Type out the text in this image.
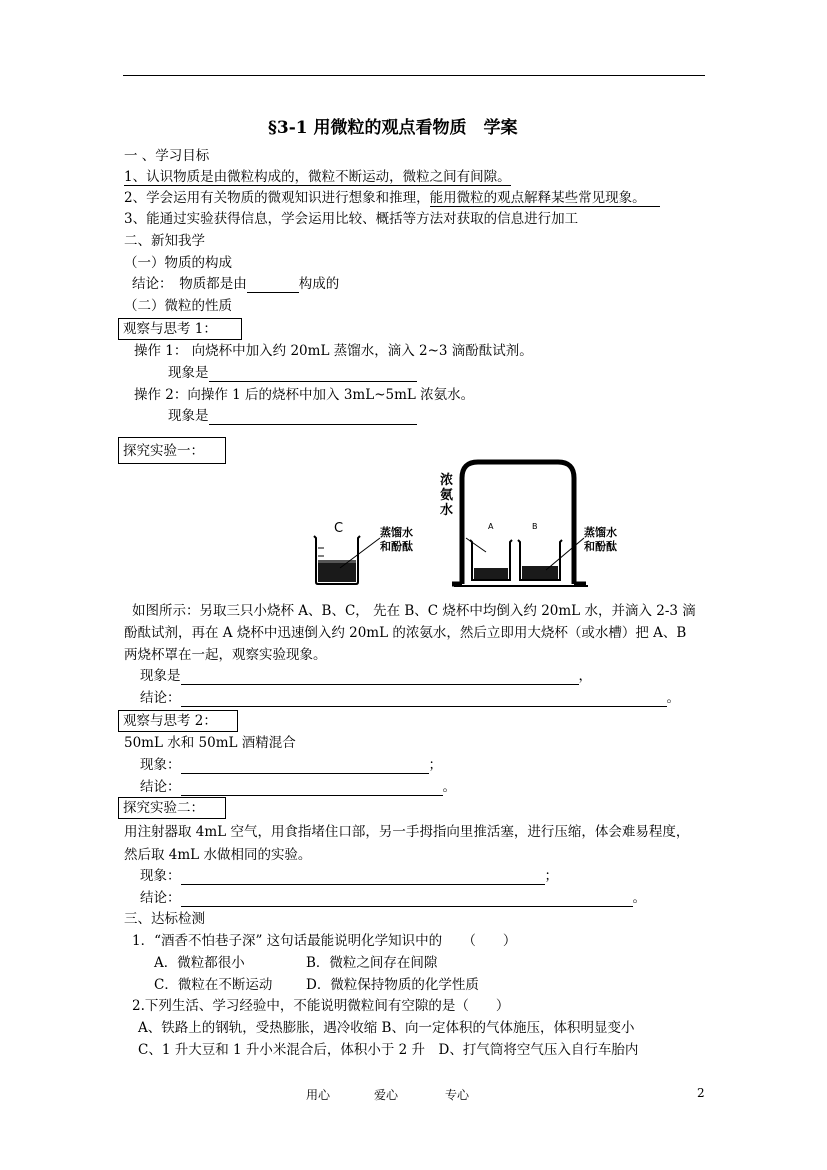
§3-1 用微粒的观点看物质　学案
一 、学习目标
1、认识物质是由微粒构成的，微粒不断运动，微粒之间有间隙。
2、学会运用有关物质的微观知识进行想象和推理，能用微粒的观点解释某些常见现象。
3、能通过实验获得信息，学会运用比较、概括等方法对获取的信息进行加工
二、新知我学
（一）物质的构成
结论：　物质都是由	构成的
（二）微粒的性质
观察与思考 1：
操作 1： 向烧杯中加入约 20mL 蒸馏水，滴入 2~3 滴酚酞试剂。
现象是
操作 2：向操作 1 后的烧杯中加入 3mL~5mL 浓氨水。
现象是
探究实验一：
C	蒸馏水
和酚酞
A	B
浓
氨
水
蒸馏水
和酚酞
如图所示：另取三只小烧杯 A、B、C， 先在 B、C 烧杯中均倒入约 20mL 水，并滴入 2-3 滴
酚酞试剂，再在 A 烧杯中迅速倒入约 20mL 的浓氨水，然后立即用大烧杯（或水槽）把 A、B
两烧杯罩在一起，观察实验现象。
现象是	，
结论：	。
观察与思考 2：
50mL 水和 50mL 酒精混合
现象：	；
结论：	。
探究实验二：
用注射器取 4mL 空气，用食指堵住口部，另一手拇指向里推活塞，进行压缩，体会难易程度，
然后取 4mL 水做相同的实验。
现象：	；
结论：	。
三、达标检测
1．“酒香不怕巷子深” 这句话最能说明化学知识中的　　（　　）
A．微粒都很小	B．微粒之间存在间隙
C．微粒在不断运动 D．微粒保持物质的化学性质
2.下列生活、学习经验中，不能说明微粒间有空隙的是（　　）
A、铁路上的钢轨，受热膨胀，遇冷收缩 B、向一定体积的气体施压，体积明显变小
C、1 升大豆和 1 升小米混合后，体积小于 2 升　D、打气筒将空气压入自行车胎内
用心	爱心	专心	2
